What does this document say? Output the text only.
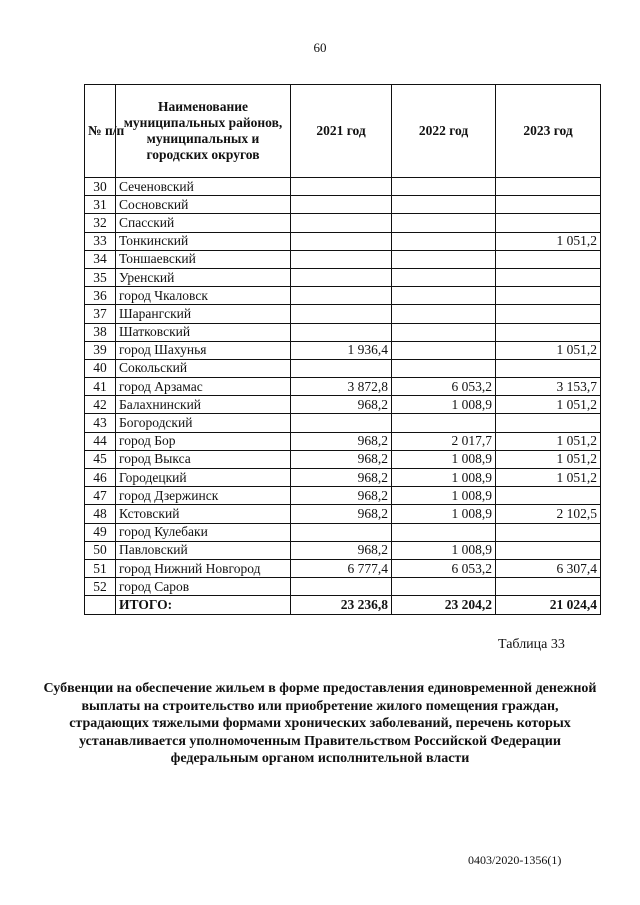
60
№ п/п	Наименование муниципальных районов, муниципальных и городских округов	2021 год	2022 год	2023 год
30	Сеченовский			
31	Сосновский			
32	Спасский			
33	Тонкинский			1 051,2
34	Тоншаевский			
35	Уренский			
36	город Чкаловск			
37	Шарангский			
38	Шатковский			
39	город Шахунья	1 936,4		1 051,2
40	Сокольский			
41	город Арзамас	3 872,8	6 053,2	3 153,7
42	Балахнинский	968,2	1 008,9	1 051,2
43	Богородский			
44	город Бор	968,2	2 017,7	1 051,2
45	город Выкса	968,2	1 008,9	1 051,2
46	Городецкий	968,2	1 008,9	1 051,2
47	город Дзержинск	968,2	1 008,9	
48	Кстовский	968,2	1 008,9	2 102,5
49	город Кулебаки			
50	Павловский	968,2	1 008,9	
51	город Нижний Новгород	6 777,4	6 053,2	6 307,4
52	город Саров			
	ИТОГО:	23 236,8	23 204,2	21 024,4
Таблица 33
Субвенции на обеспечение жильем в форме предоставления единовременной денежной выплаты на строительство или приобретение жилого помещения граждан, страдающих тяжелыми формами хронических заболеваний, перечень которых устанавливается уполномоченным Правительством Российской Федерации федеральным органом исполнительной власти
0403/2020-1356(1)
